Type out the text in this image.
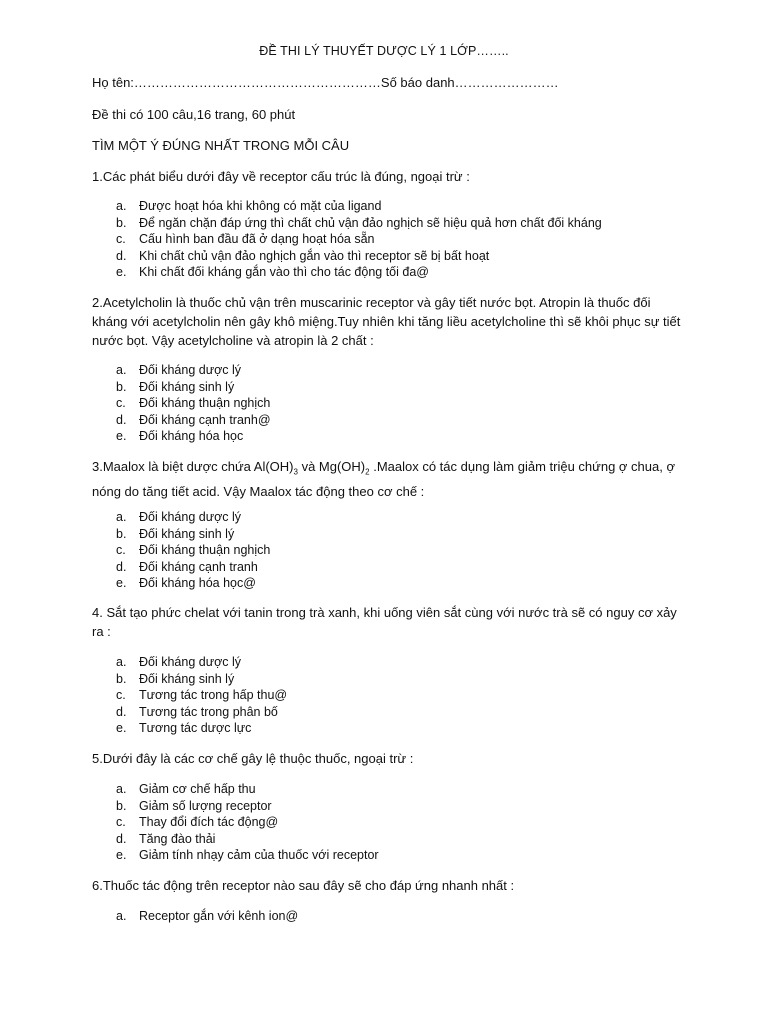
ĐỀ THI LÝ THUYẾT DƯỢC LÝ 1 LỚP……..
Họ tên:…………………………………………………Số báo danh……………………
Đề thi có 100 câu,16 trang, 60 phút
TÌM MỘT Ý ĐÚNG NHẤT TRONG MỖI CÂU
1.Các phát biểu dưới đây về receptor cấu trúc là đúng, ngoại trừ :
a. Được hoạt hóa khi không có mặt của ligand
b. Để ngăn chặn đáp ứng thì chất chủ vận đảo nghịch sẽ hiệu quả hơn chất đối kháng
c. Cấu hình ban đầu đã ở dạng hoạt hóa sẵn
d. Khi chất chủ vận đảo nghịch gắn vào thì receptor sẽ bị bất hoạt
e. Khi chất đối kháng gắn vào thì cho tác động tối đa@
2.Acetylcholin là thuốc chủ vận trên muscarinic receptor và gây tiết nước bọt. Atropin là thuốc đối kháng với acetylcholin nên gây khô miệng.Tuy nhiên khi tăng liều acetylcholine thì sẽ khôi phục sự tiết nước bọt. Vậy acetylcholine và atropin là 2 chất :
a. Đối kháng dược lý
b. Đối kháng sinh lý
c. Đối kháng thuận nghịch
d. Đối kháng cạnh tranh@
e. Đối kháng hóa học
3.Maalox là biệt dược chứa $Al(OH)_3$ và $Mg(OH)_2$ .Maalox có tác dụng làm giảm triệu chứng ợ chua, ợ nóng do tăng tiết acid. Vậy Maalox tác động theo cơ chế :
a. Đối kháng dược lý
b. Đối kháng sinh lý
c. Đối kháng thuận nghịch
d. Đối kháng cạnh tranh
e. Đối kháng hóa học@
4. Sắt tạo phức chelat với tanin trong trà xanh, khi uống viên sắt cùng với nước trà sẽ có nguy cơ xảy ra :
a. Đối kháng dược lý
b. Đối kháng sinh lý
c. Tương tác trong hấp thu@
d. Tương tác trong phân bố
e. Tương tác dược lực
5.Dưới đây là các cơ chế gây lệ thuộc thuốc, ngoại trừ :
a. Giảm cơ chế hấp thu
b. Giảm số lượng receptor
c. Thay đổi đích tác động@
d. Tăng đào thải
e. Giảm tính nhạy cảm của thuốc với receptor
6.Thuốc tác động trên receptor nào sau đây sẽ cho đáp ứng nhanh nhất :
a. Receptor gắn với kênh ion@
